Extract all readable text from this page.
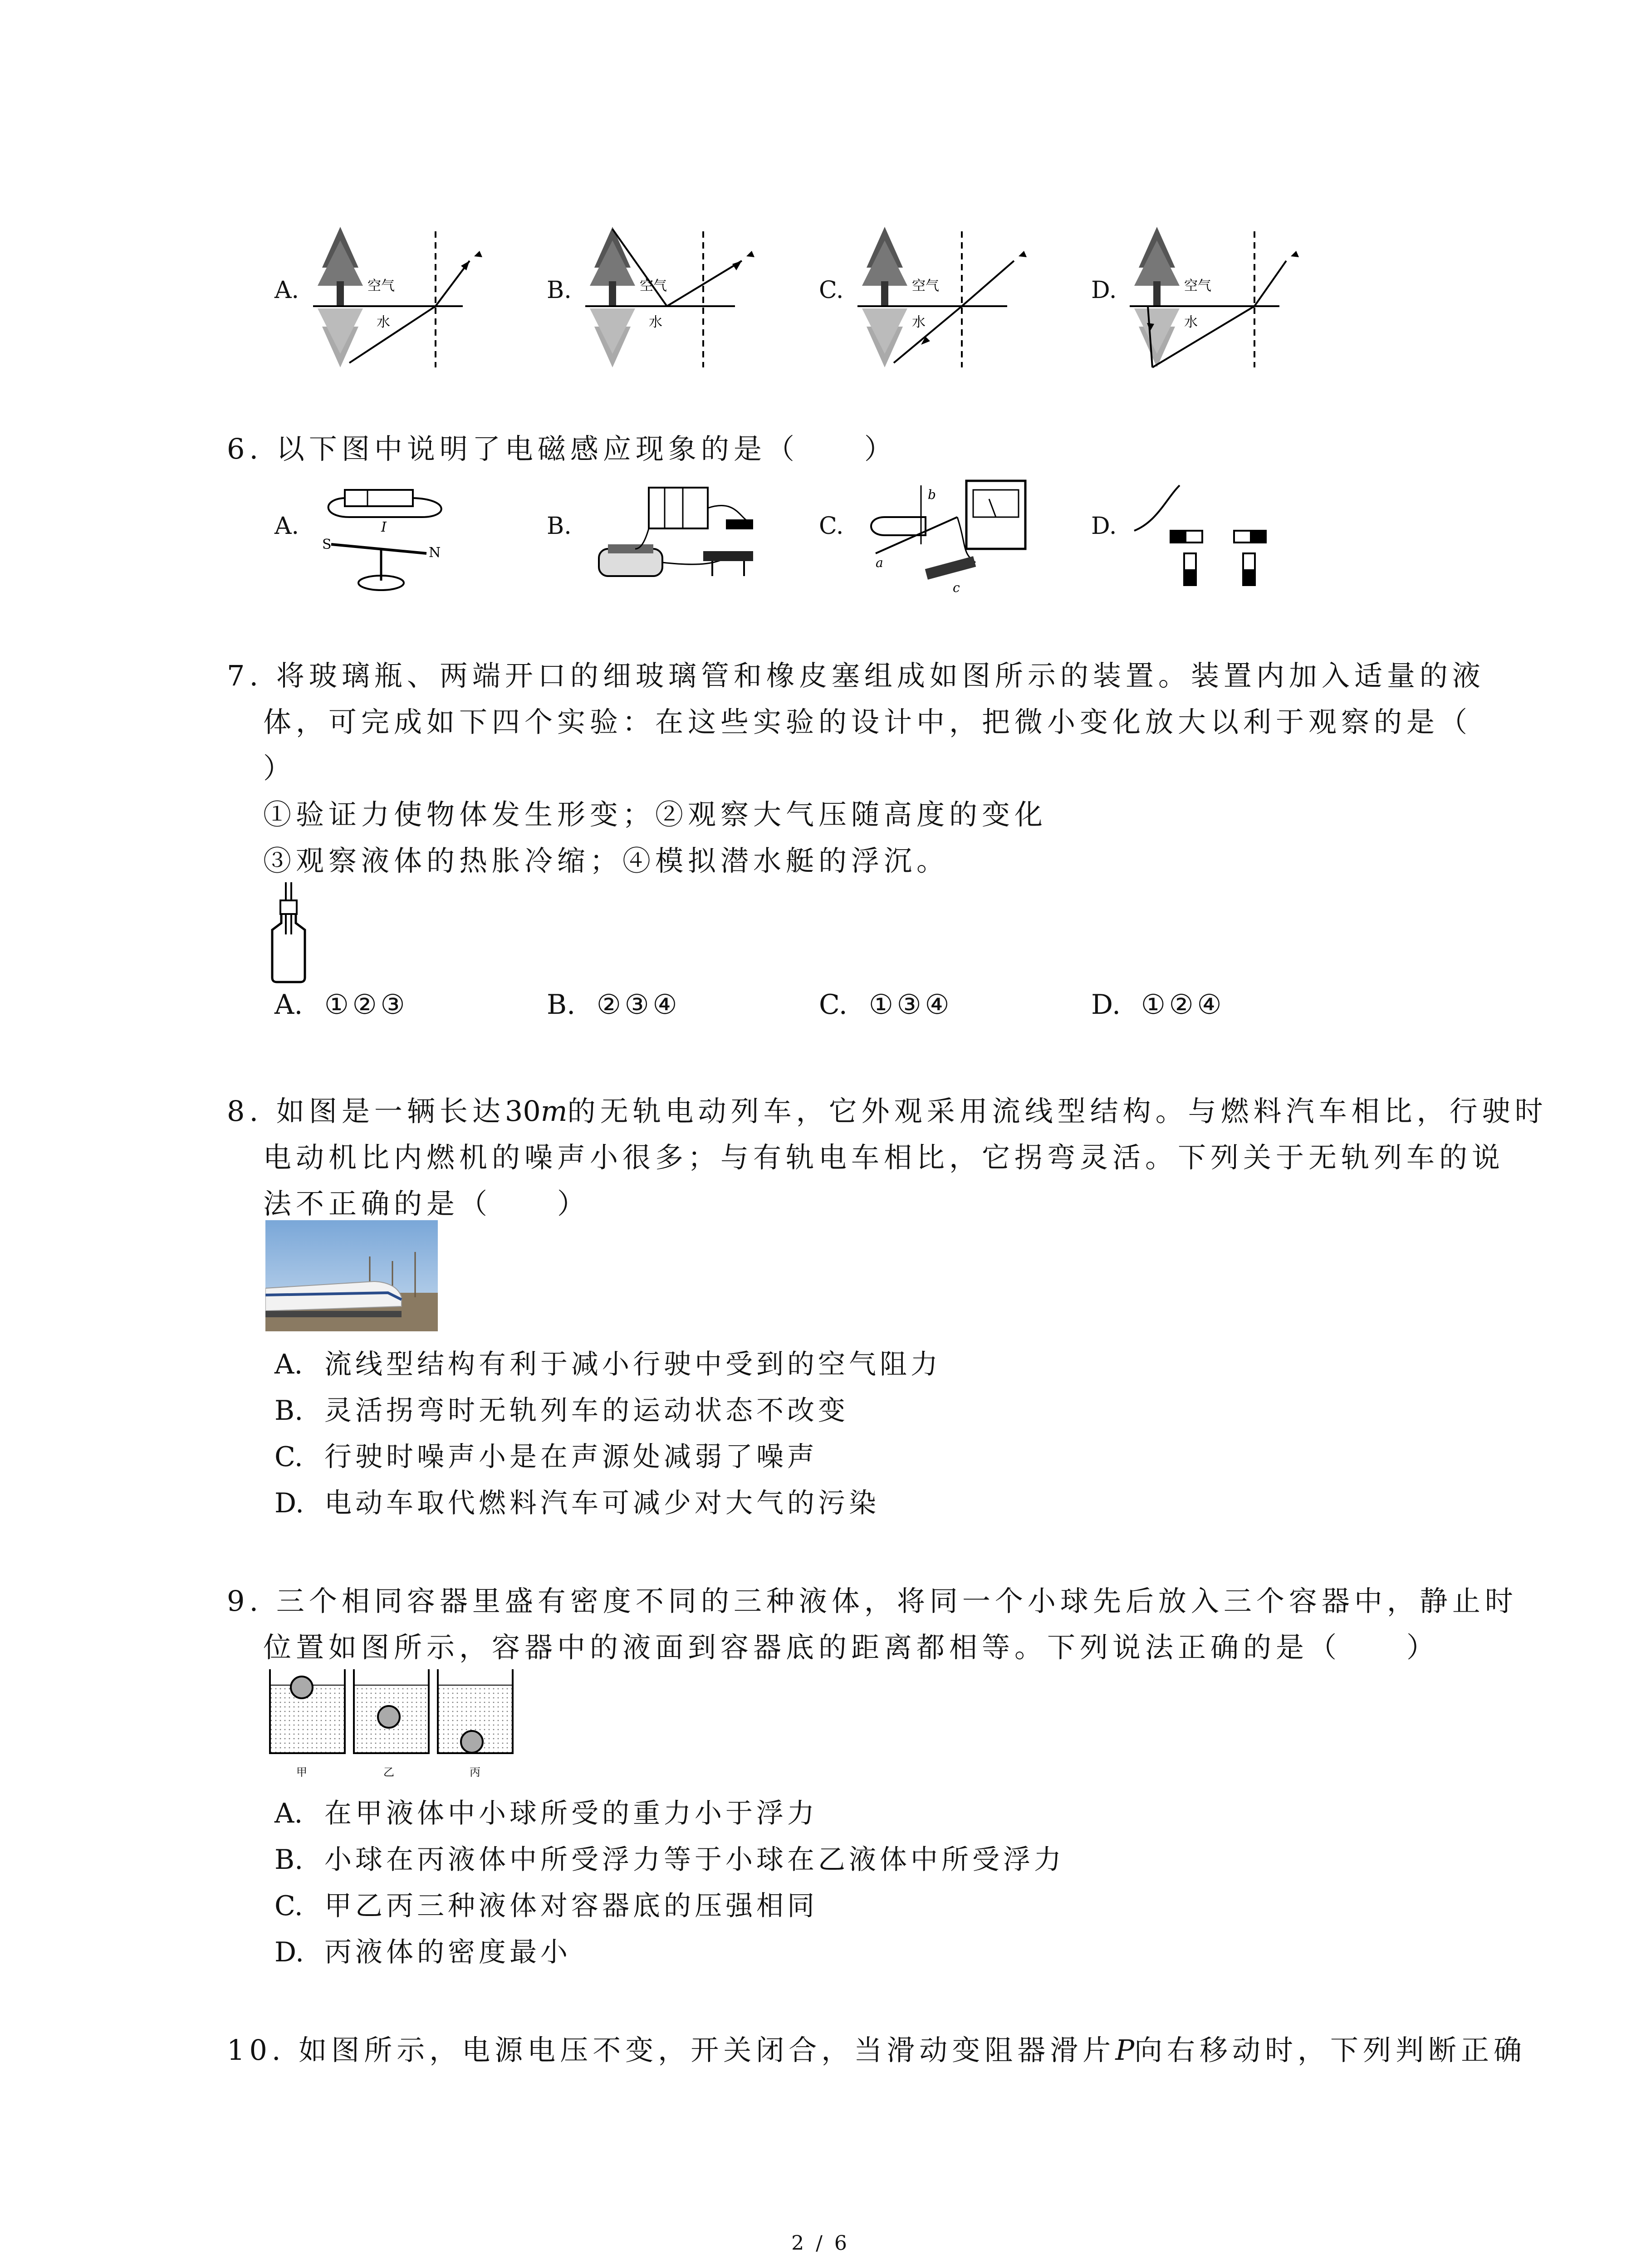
A.	空气
水
B.	空气
水
C.	空气
水
D.	空气
水
6. 以下图中说明了电磁感应现象的是（　　）
A.	I
S
N
B.	C.
b
a
c
D.
7. 将玻璃瓶、两端开口的细玻璃管和橡皮塞组成如图所示的装置。装置内加入适量的液
体，可完成如下四个实验：在这些实验的设计中，把微小变化放大以利于观察的是（
）
①验证力使物体发生形变；②观察大气压随高度的变化
③观察液体的热胀冷缩；④模拟潜水艇的浮沉。
A. ①②③	B. ②③④	C. ①③④	D. ①②④
8. 如图是一辆长达30m的无轨电动列车，它外观采用流线型结构。与燃料汽车相比，行驶时
电动机比内燃机的噪声小很多；与有轨电车相比，它拐弯灵活。下列关于无轨列车的说
法不正确的是（　　）
A. 流线型结构有利于减小行驶中受到的空气阻力
B. 灵活拐弯时无轨列车的运动状态不改变
C. 行驶时噪声小是在声源处减弱了噪声
D. 电动车取代燃料汽车可减少对大气的污染
9. 三个相同容器里盛有密度不同的三种液体，将同一个小球先后放入三个容器中，静止时
位置如图所示，容器中的液面到容器底的距离都相等。下列说法正确的是（　　）
甲	乙	丙
A. 在甲液体中小球所受的重力小于浮力
B. 小球在丙液体中所受浮力等于小球在乙液体中所受浮力
C. 甲乙丙三种液体对容器底的压强相同
D. 丙液体的密度最小
10. 如图所示，电源电压不变，开关闭合，当滑动变阻器滑片P向右移动时，下列判断正确
2 / 6
